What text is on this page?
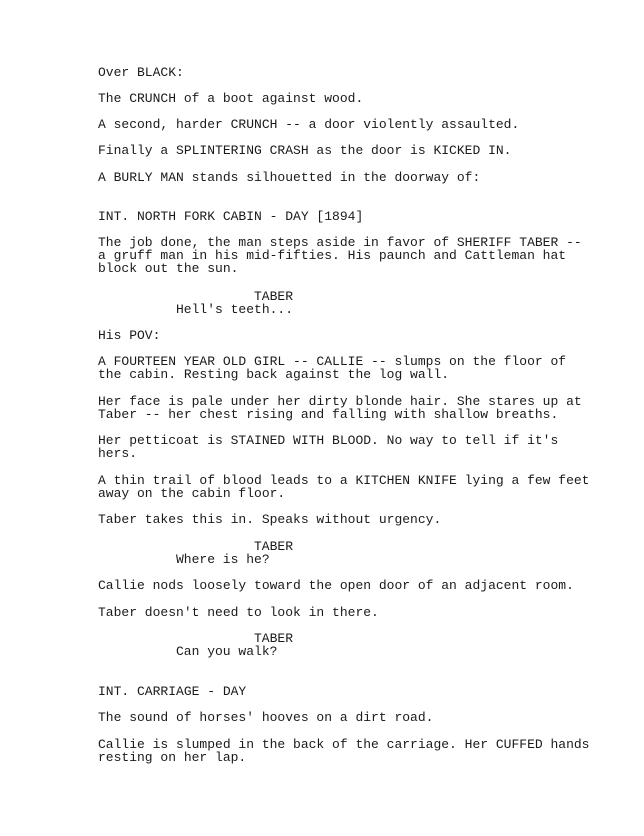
Over BLACK:

The CRUNCH of a boot against wood.

A second, harder CRUNCH -- a door violently assaulted.

Finally a SPLINTERING CRASH as the door is KICKED IN.

A BURLY MAN stands silhouetted in the doorway of:

INT. NORTH FORK CABIN - DAY [1894]

The job done, the man steps aside in favor of SHERIFF TABER --

a gruff man in his mid-fifties. His paunch and Cattleman hat

block out the sun.

TABER

Hell's teeth...

His POV:

A FOURTEEN YEAR OLD GIRL -- CALLIE -- slumps on the floor of

the cabin. Resting back against the log wall.

Her face is pale under her dirty blonde hair. She stares up at

Taber -- her chest rising and falling with shallow breaths.

Her petticoat is STAINED WITH BLOOD. No way to tell if it's

hers.

A thin trail of blood leads to a KITCHEN KNIFE lying a few feet

away on the cabin floor.

Taber takes this in. Speaks without urgency.

TABER

Where is he?

Callie nods loosely toward the open door of an adjacent room.

Taber doesn't need to look in there.

TABER

Can you walk?

INT. CARRIAGE - DAY

The sound of horses' hooves on a dirt road.

Callie is slumped in the back of the carriage. Her CUFFED hands

resting on her lap.
